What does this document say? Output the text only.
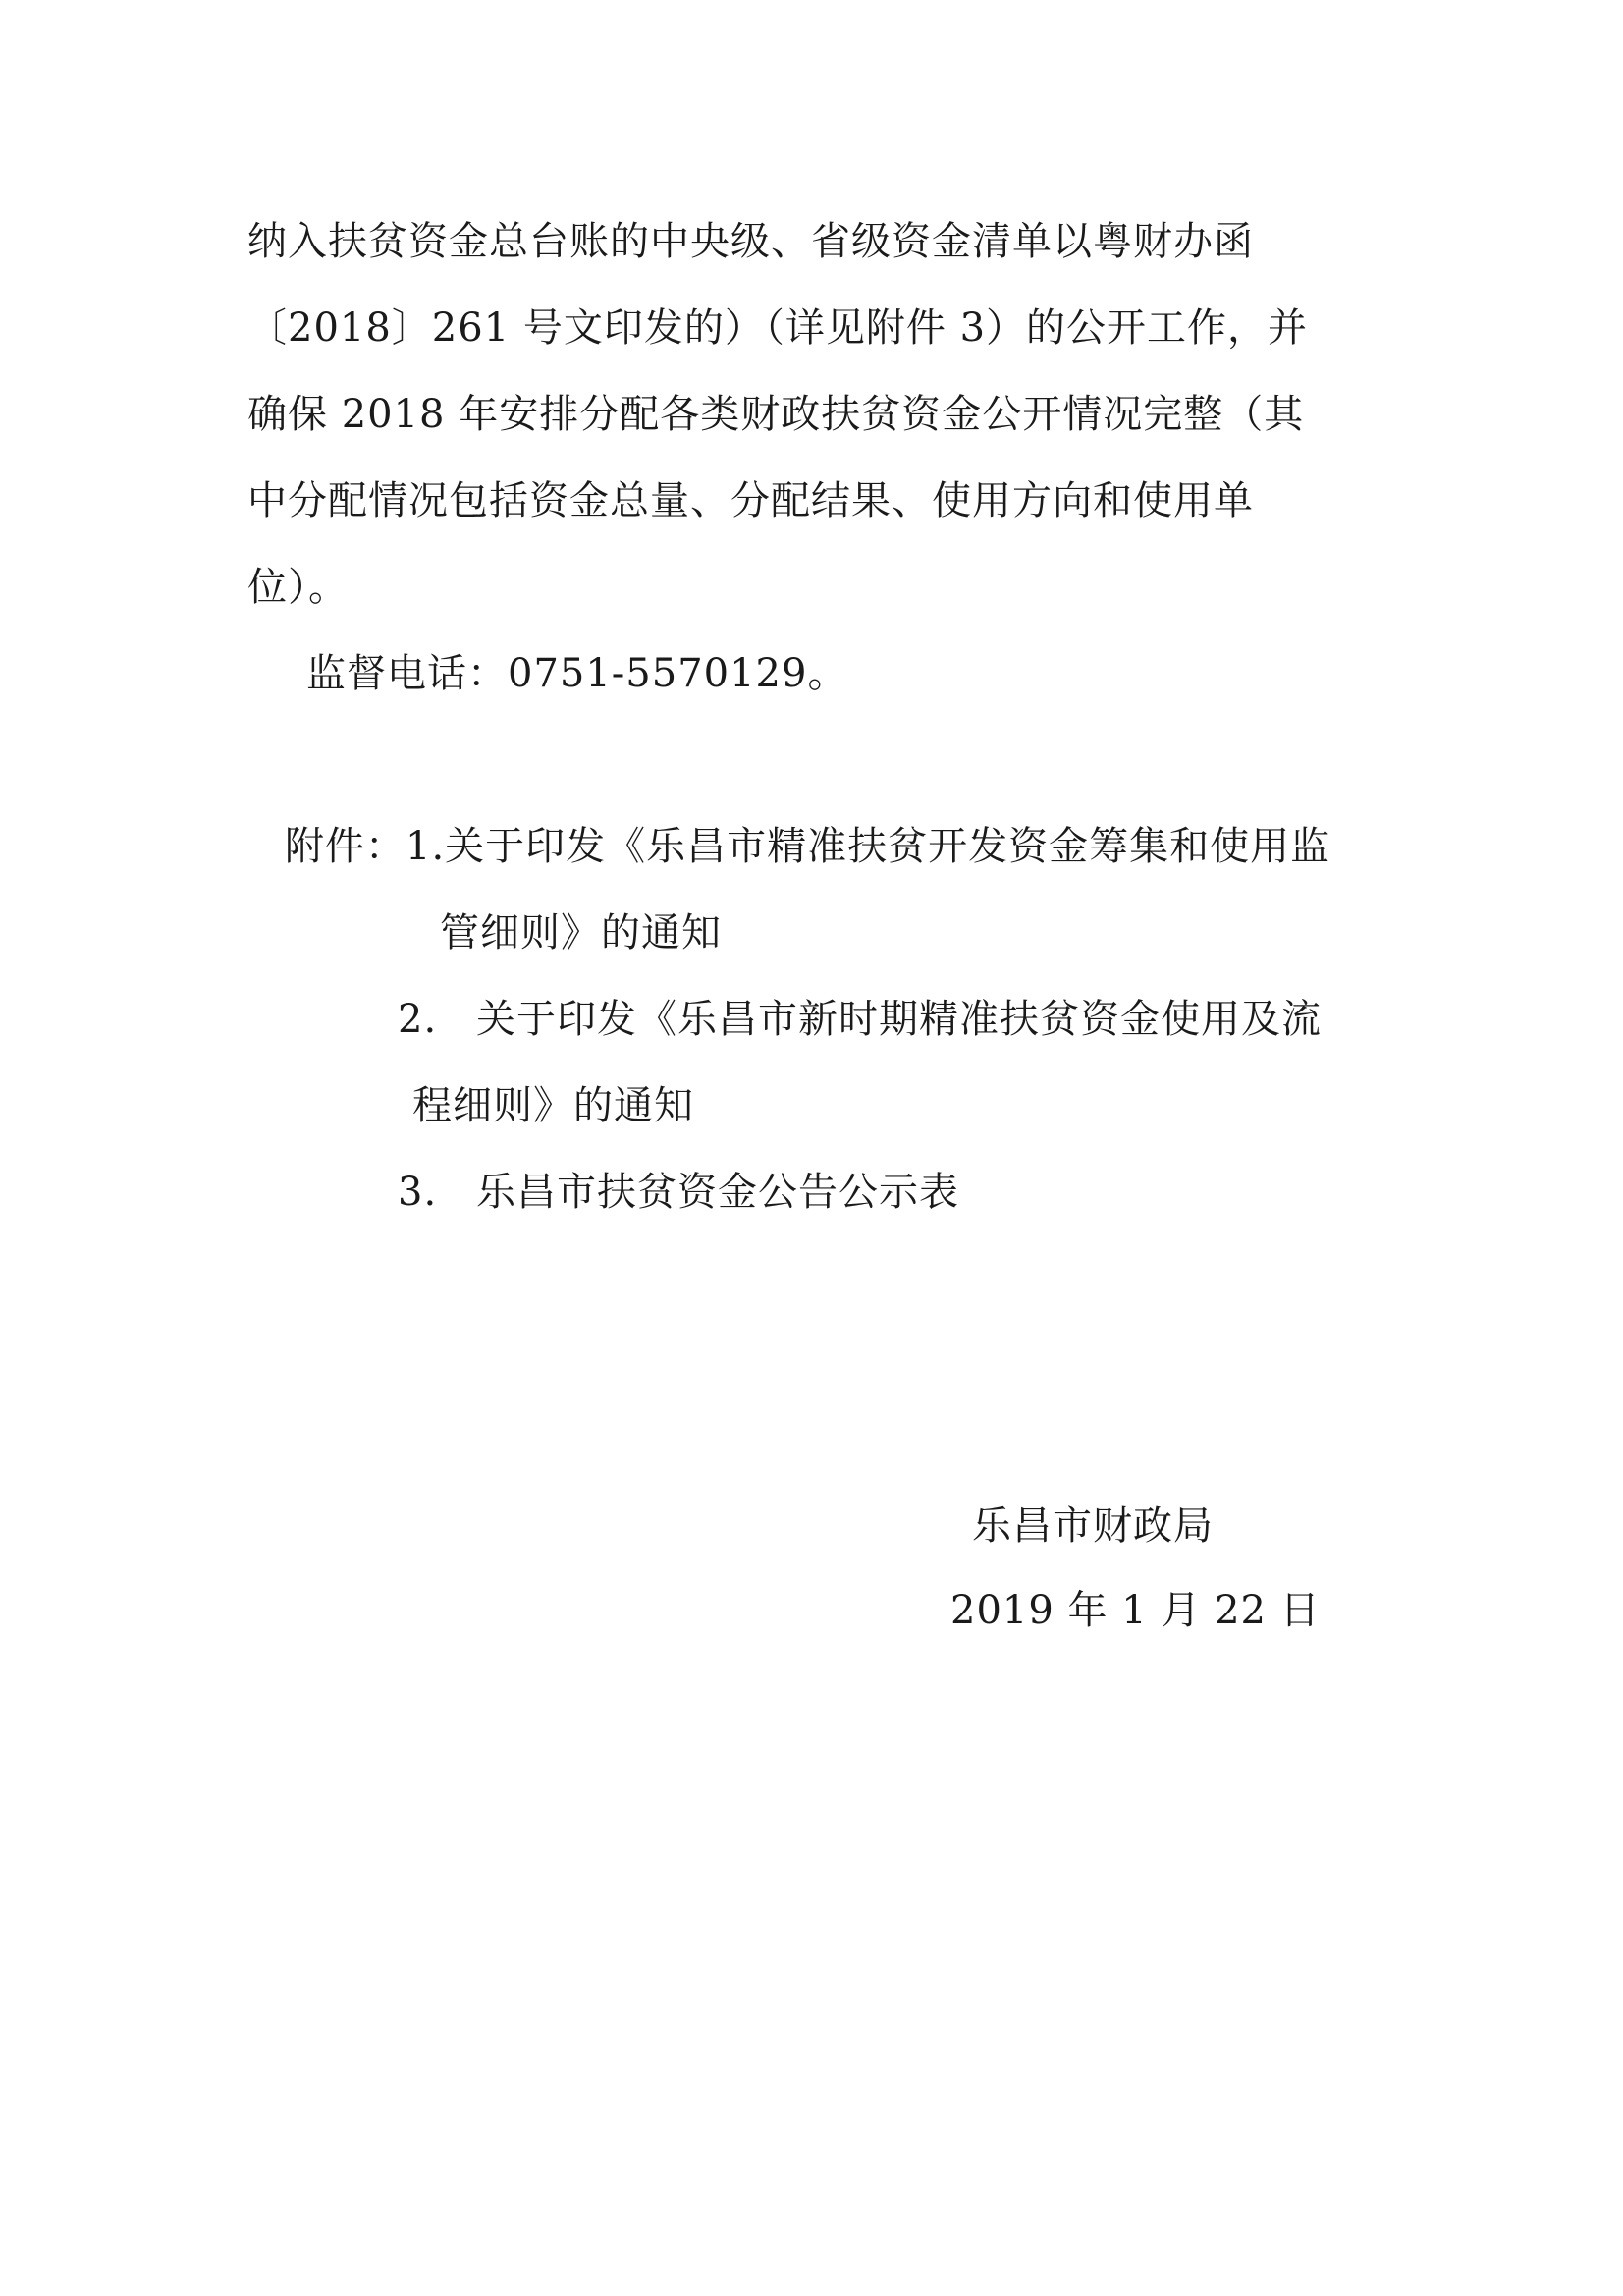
纳入扶贫资金总台账的中央级、省级资金清单以粤财办函
〔2018〕261 号文印发的）（详见附件 3）的公开工作，并
确保 2018 年安排分配各类财政扶贫资金公开情况完整（其
中分配情况包括资金总量、分配结果、使用方向和使用单
位）。
监督电话：0751-5570129。
附件：1.关于印发《乐昌市精准扶贫开发资金筹集和使用监
管细则》的通知
2. 关于印发《乐昌市新时期精准扶贫资金使用及流
程细则》的通知
3. 乐昌市扶贫资金公告公示表
乐昌市财政局
2019 年 1 月 22 日
